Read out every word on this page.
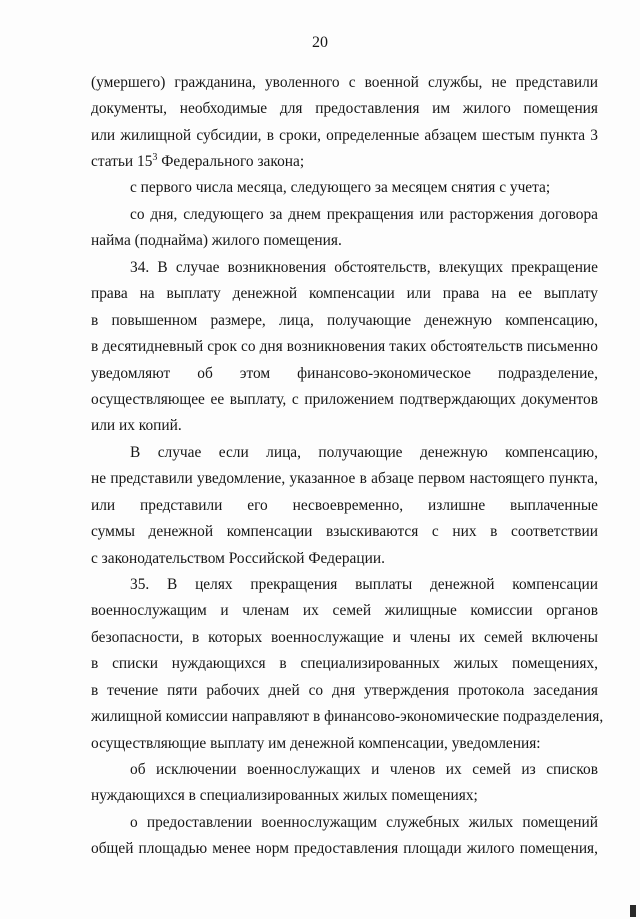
20
(умершего) гражданина, уволенного с военной службы, не представили
документы, необходимые для предоставления им жилого помещения
или жилищной субсидии, в сроки, определенные абзацем шестым пункта 3
статьи $15^3$ Федерального закона;
с первого числа месяца, следующего за месяцем снятия с учета;
со дня, следующего за днем прекращения или расторжения договора
найма (поднайма) жилого помещения.
34. В случае возникновения обстоятельств, влекущих прекращение
права на выплату денежной компенсации или права на ее выплату
в повышенном размере, лица, получающие денежную компенсацию,
в десятидневный срок со дня возникновения таких обстоятельств письменно
уведомляют об этом финансово-экономическое подразделение,
осуществляющее ее выплату, с приложением подтверждающих документов
или их копий.
В случае если лица, получающие денежную компенсацию,
не представили уведомление, указанное в абзаце первом настоящего пункта,
или представили его несвоевременно, излишне выплаченные
суммы денежной компенсации взыскиваются с них в соответствии
с законодательством Российской Федерации.
35. В целях прекращения выплаты денежной компенсации
военнослужащим и членам их семей жилищные комиссии органов
безопасности, в которых военнослужащие и члены их семей включены
в списки нуждающихся в специализированных жилых помещениях,
в течение пяти рабочих дней со дня утверждения протокола заседания
жилищной комиссии направляют в финансово-экономические подразделения,
осуществляющие выплату им денежной компенсации, уведомления:
об исключении военнослужащих и членов их семей из списков
нуждающихся в специализированных жилых помещениях;
о предоставлении военнослужащим служебных жилых помещений
общей площадью менее норм предоставления площади жилого помещения,
